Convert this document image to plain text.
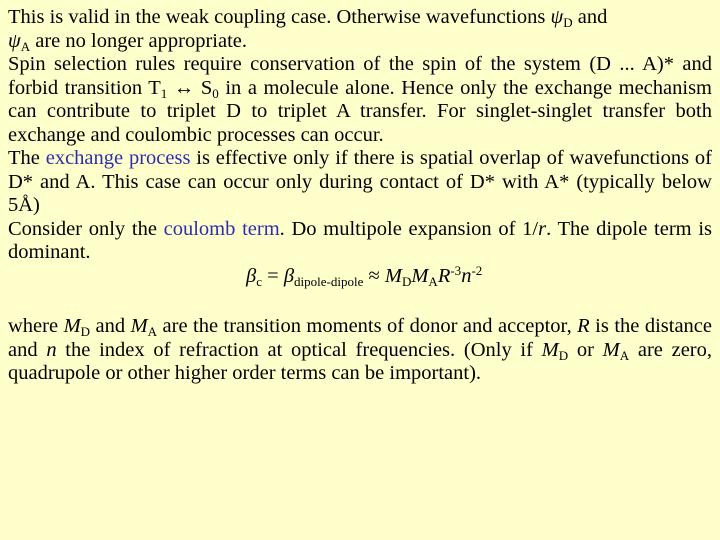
This is valid in the weak coupling case. Otherwise wavefunctions $\psi_D$ and
$\psi_A$ are no longer appropriate.

Spin selection rules require conservation of the spin of the system (D ... A)* and forbid transition $T_1$ ↔ $S_0$ in a molecule alone. Hence only the exchange mechanism can contribute to triplet D to triplet A transfer. For singlet-singlet transfer both exchange and coulombic processes can occur.

The exchange process is effective only if there is spatial overlap of wavefunctions of D* and A. This case can occur only during contact of D* with A* (typically below 5Å)

Consider only the coulomb term. Do multipole expansion of 1/r. The dipole term is dominant.

$\beta_c = \beta_{dipole-dipole} \approx M_DM_AR^{-3}n^{-2}$

where $M_D$ and $M_A$ are the transition moments of donor and acceptor, R is the distance and n the index of refraction at optical frequencies. (Only if $M_D$ or $M_A$ are zero, quadrupole or other higher order terms can be important).
